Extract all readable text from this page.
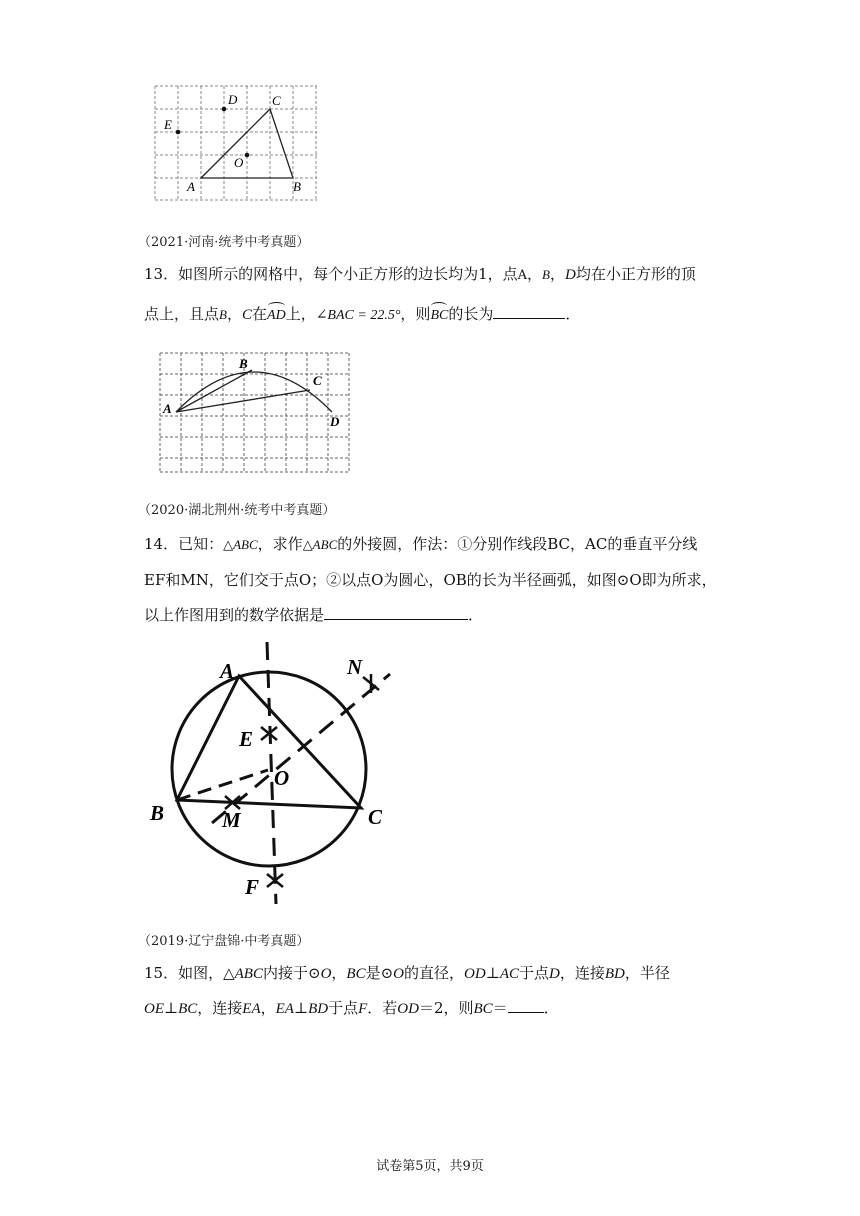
E
D	C
O
A	B
（2021·河南·统考中考真题）
13．如图所示的网格中，每个小正方形的边长均为1，点A，B，D均在小正方形的顶
点上，且点B，C在AD上，∠BAC = 22.5°，则BC的长为	．
A
B
C
D
（2020·湖北荆州·统考中考真题）
14．已知：△ABC，求作△ABC的外接圆，作法：①分别作线段BC，AC的垂直平分线
EF和MN，它们交于点O；②以点O为圆心，OB的长为半径画弧，如图⊙O即为所求，
以上作图用到的数学依据是	．
A	N
E
O
B	M	C
F
（2019·辽宁盘锦·中考真题）
15．如图，△ABC内接于⊙O，BC是⊙O的直径，OD⊥AC于点D，连接BD，半径
OE⊥BC，连接EA，EA⊥BD于点F．若OD＝2，则BC＝ ．
试卷第5页，共9页
